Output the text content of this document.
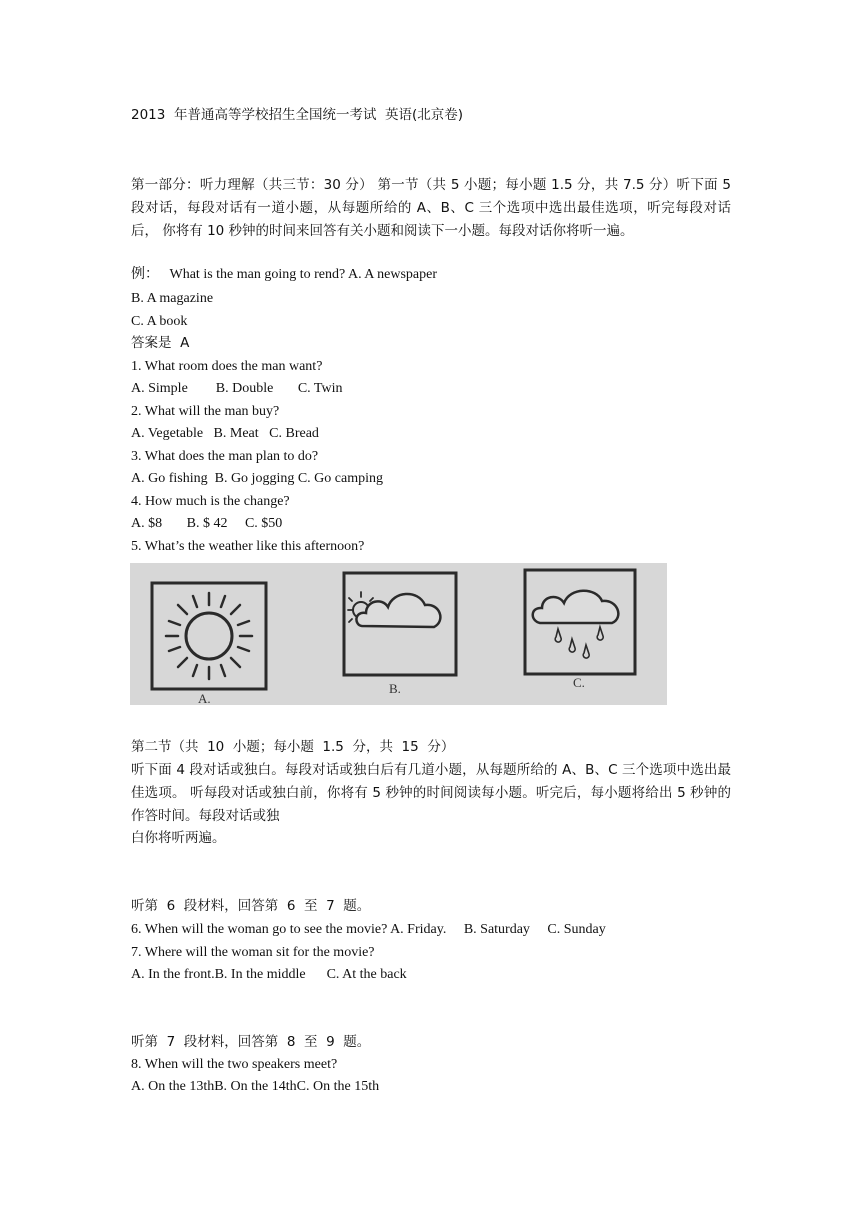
2013  年普通高等学校招生全国统一考试  英语(北京卷)
第一部分：听力理解（共三节：30 分） 第一节（共 5 小题；每小题 1.5 分，共 7.5 分）听下面 5 段对话，每段对话有一道小题，从每题所给的 A、B、C 三个选项中选出最佳选项，听完每段对话后， 你将有 10 秒钟的时间来回答有关小题和阅读下一小题。每段对话你将听一遍。
例：   What is the man going to rend? A. A newspaper
B. A magazine
C. A book
答案是  A
1. What room does the man want?
A. Simple        B. Double       C. Twin
2. What will the man buy?
A. Vegetable   B. Meat   C. Bread
3. What does the man plan to do?
A. Go fishing  B. Go jogging C. Go camping
4. How much is the change?
A. $8       B. $ 42     C. $50
5. What’s the weather like this afternoon?
A.
B.	C.
第二节（共  10  小题；每小题  1.5  分，共  15  分）
听下面 4 段对话或独白。每段对话或独白后有几道小题，从每题所给的 A、B、C 三个选项中选出最佳选项。 听每段对话或独白前，你将有 5 秒钟的时间阅读每小题。听完后，每小题将给出 5 秒钟的作答时间。每段对话或独
白你将听两遍。
听第  6  段材料，回答第  6  至  7  题。
6. When will the woman go to see the movie? A. Friday.     B. Saturday     C. Sunday
7. Where will the woman sit for the movie?
A. In the front.B. In the middle      C. At the back
听第  7  段材料，回答第  8  至  9  题。
8. When will the two speakers meet?
A. On the 13thB. On the 14thC. On the 15th
